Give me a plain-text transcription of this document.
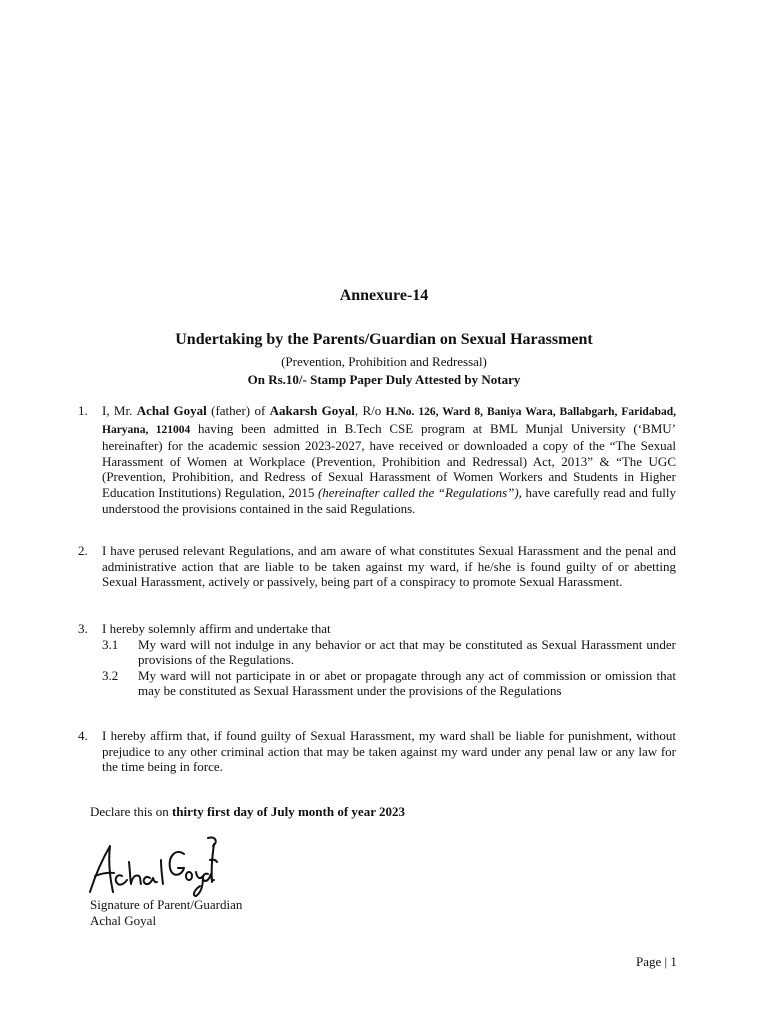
Annexure-14
Undertaking by the Parents/Guardian on Sexual Harassment
(Prevention, Prohibition and Redressal)
On Rs.10/- Stamp Paper Duly Attested by Notary
1.	I, Mr. Achal Goyal (father) of Aakarsh Goyal, R/o H.No. 126, Ward 8, Baniya Wara, Ballabgarh, Faridabad, Haryana, 121004 having been admitted in B.Tech CSE program at BML Munjal University (‘BMU’ hereinafter) for the academic session 2023-2027, have received or downloaded a copy of the “The Sexual Harassment of Women at Workplace (Prevention, Prohibition and Redressal) Act, 2013” & “The UGC (Prevention, Prohibition, and Redress of Sexual Harassment of Women Workers and Students in Higher Education Institutions) Regulation, 2015 (hereinafter called the “Regulations”), have carefully read and fully understood the provisions contained in the said Regulations.
2.	I have perused relevant Regulations, and am aware of what constitutes Sexual Harassment and the penal and administrative action that are liable to be taken against my ward, if he/she is found guilty of or abetting Sexual Harassment, actively or passively, being part of a conspiracy to promote Sexual Harassment.
3.	I hereby solemnly affirm and undertake that
3.1	My ward will not indulge in any behavior or act that may be constituted as Sexual Harassment under provisions of the Regulations.
3.2	My ward will not participate in or abet or propagate through any act of commission or omission that may be constituted as Sexual Harassment under the provisions of the Regulations
4.	I hereby affirm that, if found guilty of Sexual Harassment, my ward shall be liable for punishment, without prejudice to any other criminal action that may be taken against my ward under any penal law or any law for the time being in force.
Declare this on thirty first day of July month of year 2023
Signature of Parent/Guardian
Achal Goyal
Page | 1
